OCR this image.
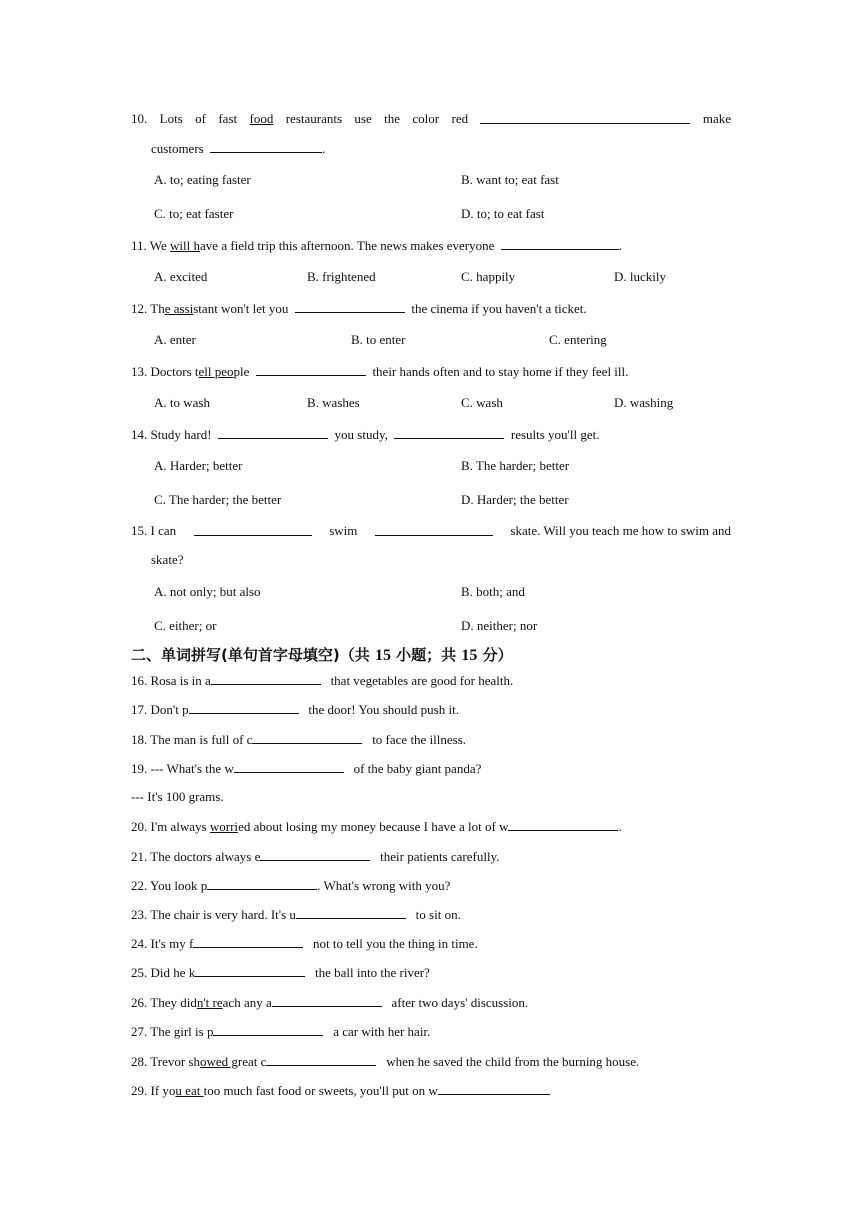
10. Lots of fast food restaurants use the color red	make
customers	.
A. to; eating faster	B. want to; eat fast
C. to; eat faster	D. to; to eat fast
11. We will have a field trip this afternoon. The news makes everyone	.
A. excited	B. frightened	C. happily	D. luckily
12. The assistant won't let you	the cinema if you haven't a ticket.
A. enter	B. to enter	C. entering
13. Doctors tell people	their hands often and to stay home if they feel ill.
A. to wash	B. washes	C. wash	D. washing
14. Study hard!	you study,	results you'll get.
A. Harder; better	B. The harder; better
C. The harder; the better	D. Harder; the better
15. I can	swim	skate. Will you teach me how to swim and
skate?
A. not only; but also	B. both; and
C. either; or	D. neither; nor
二、单词拼写(单句首字母填空)（共 15 小题；共 15 分）
16. Rosa is in a	that vegetables are good for health.
17. Don't p	the door! You should push it.
18. The man is full of c	to face the illness.
19. --- What's the w	of the baby giant panda?
--- It's 100 grams.
20. I'm always worried about losing my money because I have a lot of w	.
21. The doctors always e	their patients carefully.
22. You look p	. What's wrong with you?
23. The chair is very hard. It's u	to sit on.
24. It's my f	not to tell you the thing in time.
25. Did he k	the ball into the river?
26. They didn't reach any a	after two days' discussion.
27. The girl is p	a car with her hair.
28. Trevor showed great c	when he saved the child from the burning house.
29. If you eat too much fast food or sweets, you'll put on w
